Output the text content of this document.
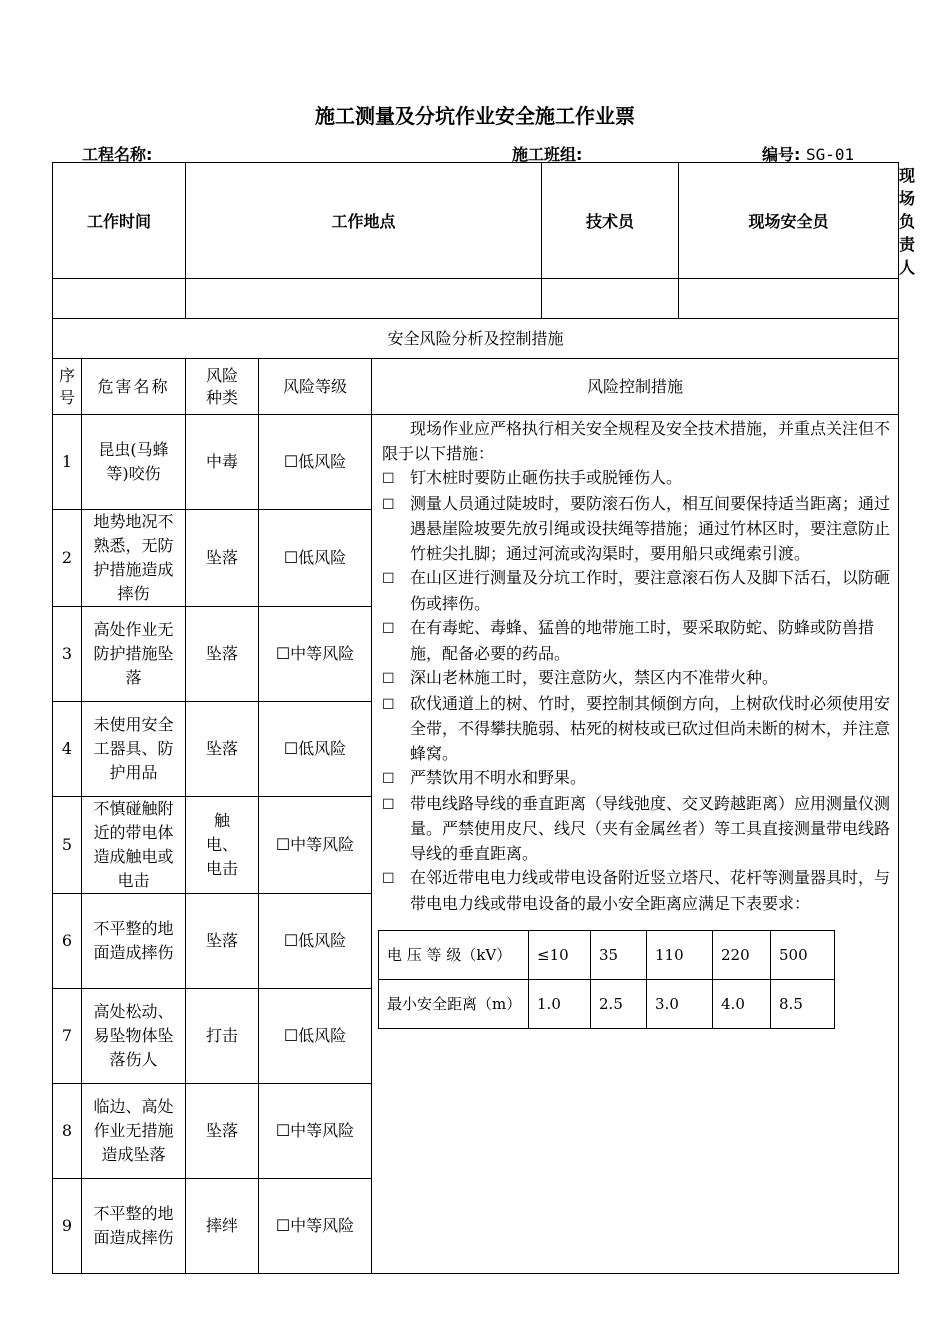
施工测量及分坑作业安全施工作业票
工程名称:	施工班组:	编号: SG-01
工作时间	工作地点	技术员	现场安全员	现场负责人

安全风险分析及控制措施
序号	危害名称	风险种类	风险等级	风险控制措施
1	昆虫(马蜂等)咬伤	中毒	☐低风险	

现场作业应严格执行相关安全规程及安全技术措施，并重点关注但不限于以下措施：

☐ 钉木桩时要防止砸伤扶手或脱锤伤人。

☐ 测量人员通过陡坡时，要防滚石伤人，相互间要保持适当距离；通过遇悬崖险坡要先放引绳或设扶绳等措施；通过竹林区时，要注意防止竹桩尖扎脚；通过河流或沟渠时，要用船只或绳索引渡。

☐ 在山区进行测量及分坑工作时，要注意滚石伤人及脚下活石，以防砸伤或摔伤。

☐ 在有毒蛇、毒蜂、猛兽的地带施工时，要采取防蛇、防蜂或防兽措施，配备必要的药品。

☐ 深山老林施工时，要注意防火，禁区内不准带火种。

☐ 砍伐通道上的树、竹时，要控制其倾倒方向，上树砍伐时必须使用安全带，不得攀扶脆弱、枯死的树枝或已砍过但尚未断的树木，并注意蜂窝。

☐ 严禁饮用不明水和野果。

☐ 带电线路导线的垂直距离（导线弛度、交叉跨越距离）应用测量仪测量。严禁使用皮尺、线尺（夹有金属丝者）等工具直接测量带电线路导线的垂直距离。

☐ 在邻近带电电力线或带电设备附近竖立塔尺、花杆等测量器具时，与带电电力线或带电设备的最小安全距离应满足下表要求：

电 压 等 级（kV）	≤10	35	110	220	500
最小安全距离（m）	1.0	2.5	3.0	4.0	8.5

2	地势地况不熟悉，无防护措施造成摔伤	坠落	☐低风险
3	高处作业无防护措施坠落	坠落	☐中等风险
4	未使用安全工器具、防护用品	坠落	☐低风险
5	不慎碰触附近的带电体造成触电或电击	触电、电击	☐中等风险
6	不平整的地面造成摔伤	坠落	☐低风险
7	高处松动、易坠物体坠落伤人	打击	☐低风险
8	临边、高处作业无措施造成坠落	坠落	☐中等风险
9	不平整的地面造成摔伤	摔绊	☐中等风险
